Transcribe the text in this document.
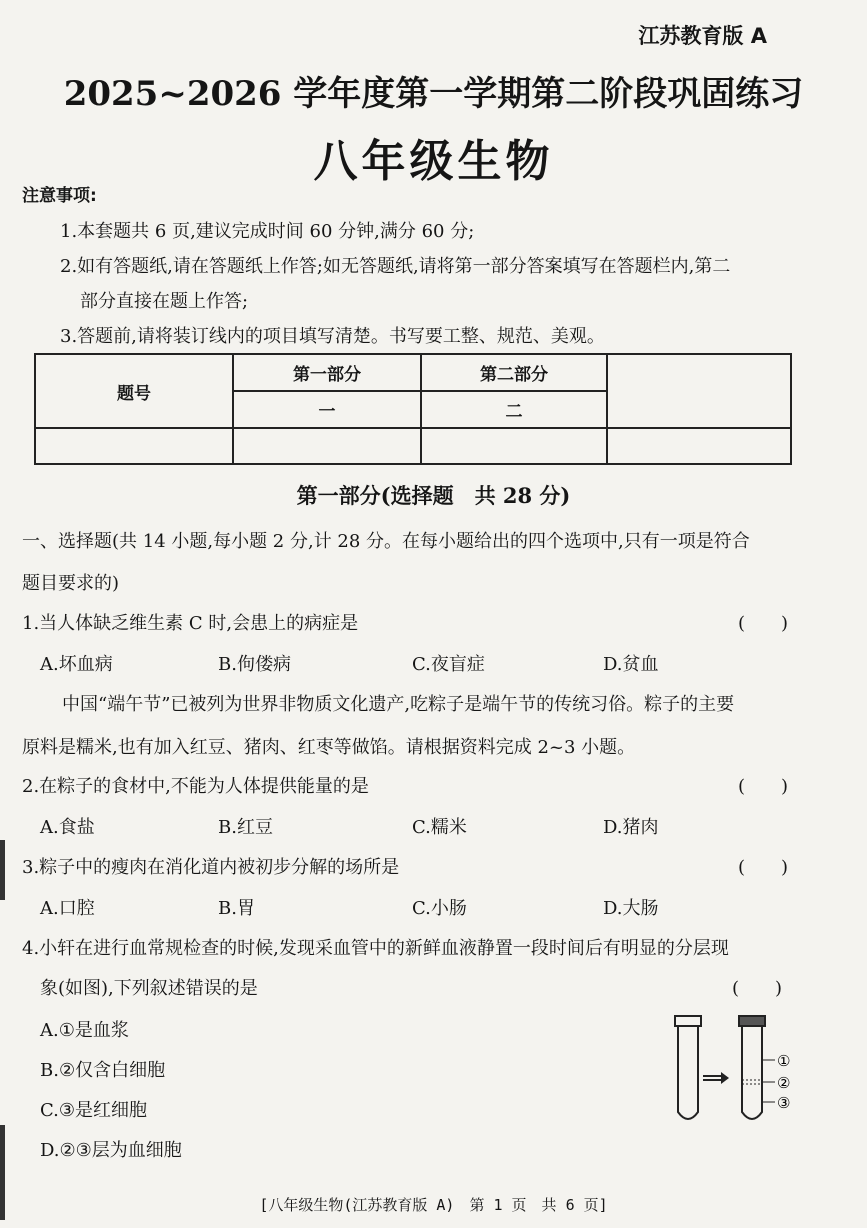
江苏教育版 A
2025~2026 学年度第一学期第二阶段巩固练习
八年级生物
注意事项:
1.本套题共 6 页,建议完成时间 60 分钟,满分 60 分;
2.如有答题纸,请在答题纸上作答;如无答题纸,请将第一部分答案填写在答题栏内,第二
部分直接在题上作答;
3.答题前,请将装订线内的项目填写清楚。书写要工整、规范、美观。
题号	第一部分	第二部分	
	一	二	

第一部分(选择题　共 28 分)
一、选择题(共 14 小题,每小题 2 分,计 28 分。在每小题给出的四个选项中,只有一项是符合
题目要求的)
1.当人体缺乏维生素 C 时,会患上的病症是	(　　)
A.坏血病	B.佝偻病	C.夜盲症	D.贫血
中国“端午节”已被列为世界非物质文化遗产,吃粽子是端午节的传统习俗。粽子的主要
原料是糯米,也有加入红豆、猪肉、红枣等做馅。请根据资料完成 2~3 小题。
2.在粽子的食材中,不能为人体提供能量的是	(　　)
A.食盐	B.红豆	C.糯米	D.猪肉
3.粽子中的瘦肉在消化道内被初步分解的场所是	(　　)
A.口腔	B.胃	C.小肠	D.大肠
4.小轩在进行血常规检查的时候,发现采血管中的新鲜血液静置一段时间后有明显的分层现
象(如图),下列叙述错误的是	(　　)
A.①是血浆
B.②仅含白细胞
C.③是红细胞
D.②③层为血细胞
①
②
③
[八年级生物(江苏教育版 A)　第 1 页　共 6 页]
